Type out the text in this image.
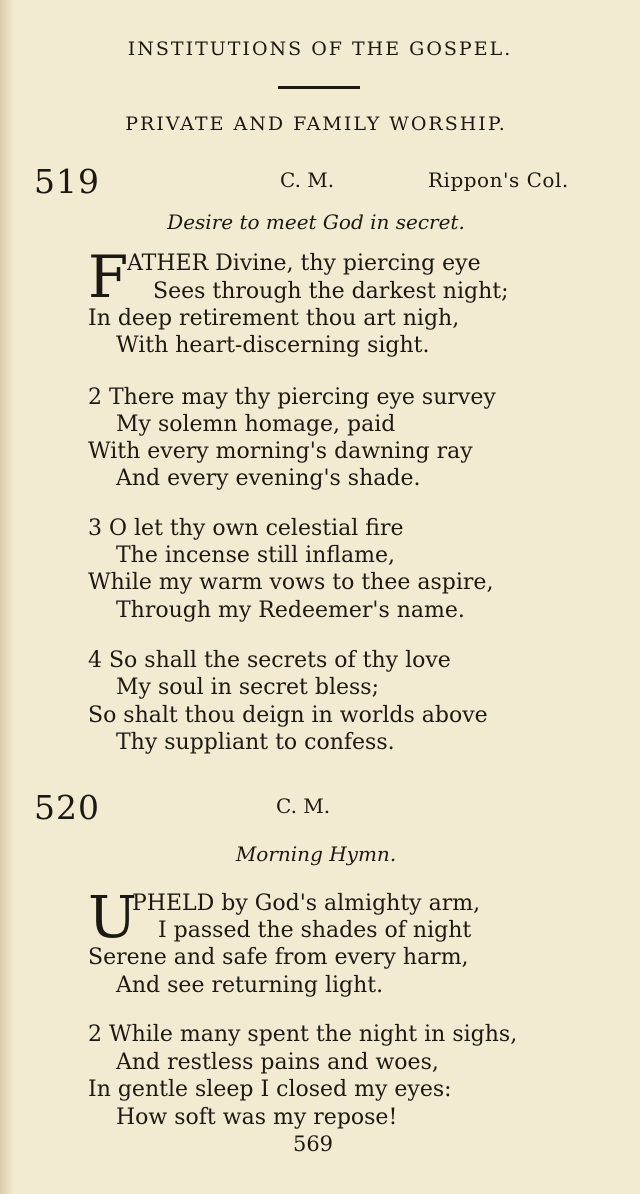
INSTITUTIONS OF THE GOSPEL.
PRIVATE AND FAMILY WORSHIP.
519	C. M.	Rippon's Col.
Desire to meet God in secret.
F
ATHER Divine, thy piercing eye
Sees through the darkest night;
In deep retirement thou art nigh,
With heart-discerning sight.
2 There may thy piercing eye survey
My solemn homage, paid
With every morning's dawning ray
And every evening's shade.
3 O let thy own celestial fire
The incense still inflame,
While my warm vows to thee aspire,
Through my Redeemer's name.
4 So shall the secrets of thy love
My soul in secret bless;
So shalt thou deign in worlds above
Thy suppliant to confess.
520	C. M.
Morning Hymn.
U
PHELD by God's almighty arm,
I passed the shades of night
Serene and safe from every harm,
And see returning light.
2 While many spent the night in sighs,
And restless pains and woes,
In gentle sleep I closed my eyes:
How soft was my repose!
569
